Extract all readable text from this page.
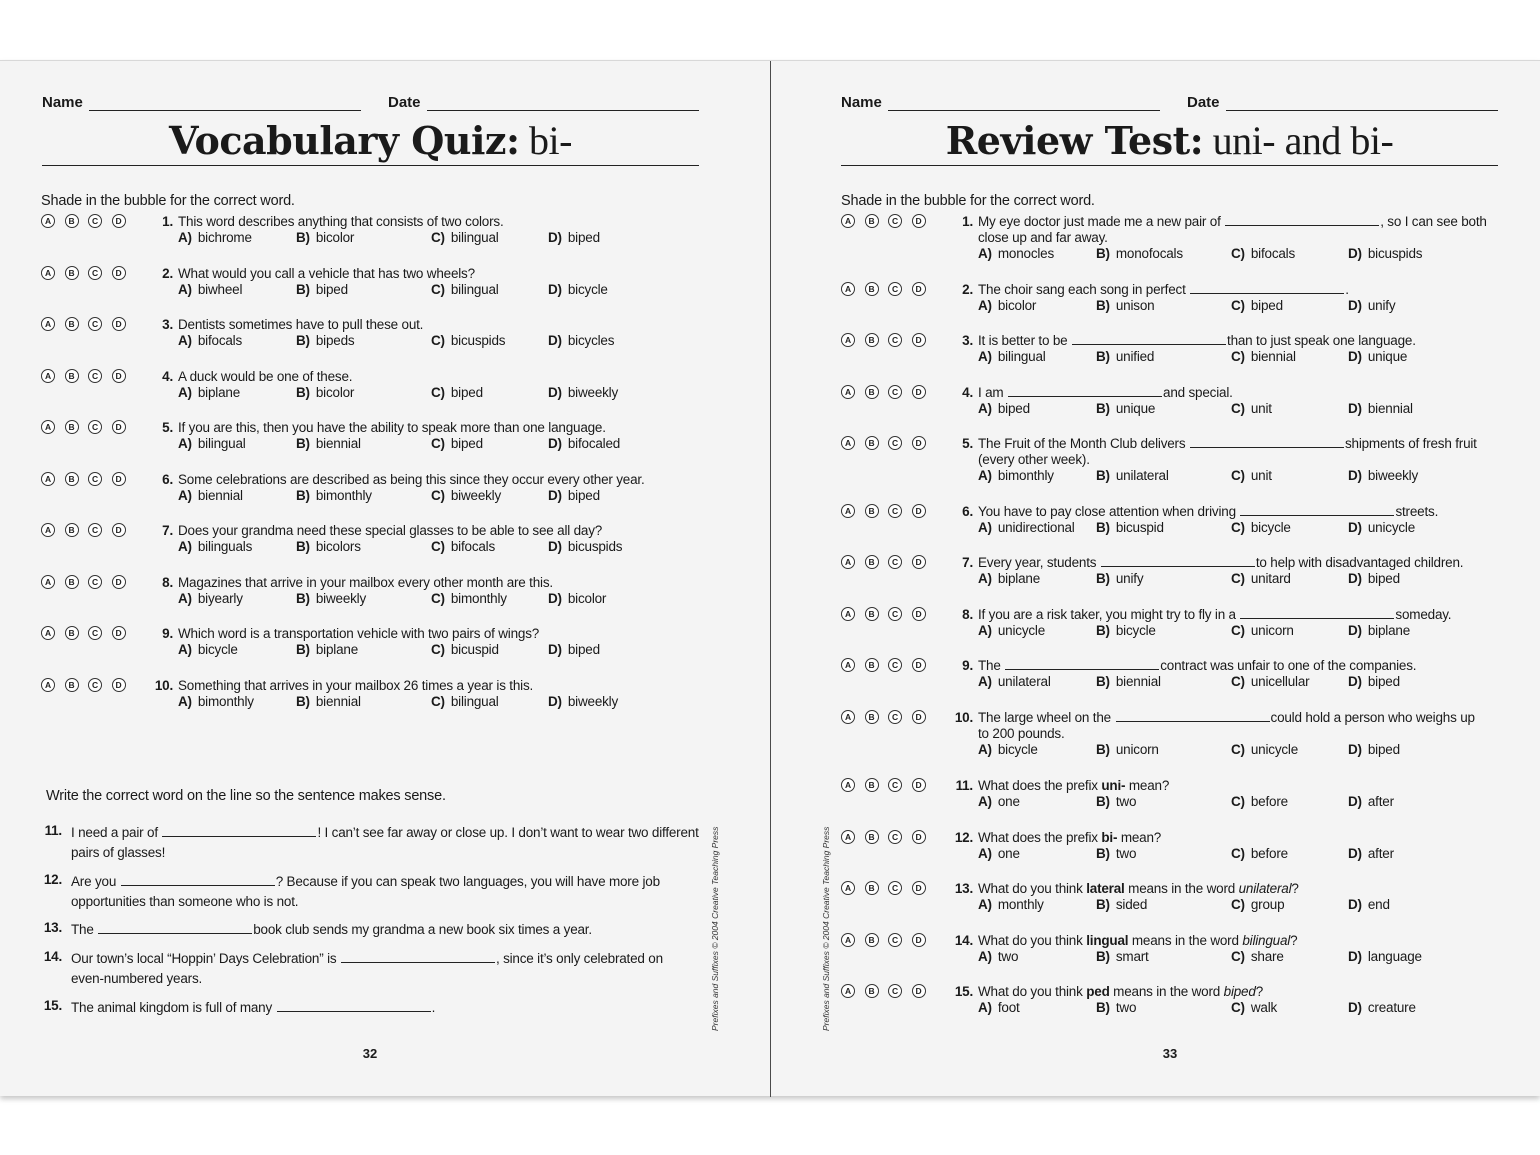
Name	Date
Vocabulary Quiz: bi-
Shade in the bubble for the correct word.
A	B	C	D	1. This word describes anything that consists of two colors.
A) bichrome	B) bicolor	C) bilingual	D) biped
A	B	C	D	2. What would you call a vehicle that has two wheels?
A) biwheel	B) biped	C) bilingual	D) bicycle
A	B	C	D	3. Dentists sometimes have to pull these out.
A) bifocals	B) bipeds	C) bicuspids	D) bicycles
A	B	C	D	4. A duck would be one of these.
A) biplane	B) bicolor	C) biped	D) biweekly
A	B	C	D	5. If you are this, then you have the ability to speak more than one language.
A) bilingual	B) biennial	C) biped	D) bifocaled
A	B	C	D	6. Some celebrations are described as being this since they occur every other year.
A) biennial	B) bimonthly	C) biweekly	D) biped
A	B	C	D	7. Does your grandma need these special glasses to be able to see all day?
A) bilinguals	B) bicolors	C) bifocals	D) bicuspids
A	B	C	D	8. Magazines that arrive in your mailbox every other month are this.
A) biyearly	B) biweekly	C) bimonthly	D) bicolor
A	B	C	D	9. Which word is a transportation vehicle with two pairs of wings?
A) bicycle	B) biplane	C) bicuspid	D) biped
A	B	C	D	10. Something that arrives in your mailbox 26 times a year is this.
A) bimonthly	B) biennial	C) bilingual	D) biweekly
Write the correct word on the line so the sentence makes sense.
11. I need a pair of	! I can’t see far away or close up. I don’t want to wear two different
pairs of glasses!
12. Are you	? Because if you can speak two languages, you will have more job
opportunities than someone who is not.
13. The	book club sends my grandma a new book six times a year.
14. Our town’s local “Hoppin’ Days Celebration” is	, since it’s only celebrated on
even-numbered years.
15. The animal kingdom is full of many	.
32
Prefixes and Suffixes © 2004 Creative Teaching Press
Name	Date
Review Test: uni- and bi-
Shade in the bubble for the correct word.
A	B	C	D	1. My eye doctor just made me a new pair of	, so I can see both
close up and far away.
A) monocles	B) monofocals	C) bifocals	D) bicuspids
A	B	C	D	2. The choir sang each song in perfect	.
A) bicolor	B) unison	C) biped	D) unify
A	B	C	D	3. It is better to be	than to just speak one language.
A) bilingual	B) unified	C) biennial	D) unique
A	B	C	D	4. I am	and special.
A) biped	B) unique	C) unit	D) biennial
A	B	C	D	5. The Fruit of the Month Club delivers	shipments of fresh fruit
(every other week).
A) bimonthly	B) unilateral	C) unit	D) biweekly
A	B	C	D	6. You have to pay close attention when driving	streets.
A) unidirectional B) bicuspid	C) bicycle	D) unicycle
A	B	C	D	7. Every year, students	to help with disadvantaged children.
A) biplane	B) unify	C) unitard	D) biped
A	B	C	D	8. If you are a risk taker, you might try to fly in a	someday.
A) unicycle	B) bicycle	C) unicorn	D) biplane
A	B	C	D	9. The	contract was unfair to one of the companies.
A) unilateral	B) biennial	C) unicellular	D) biped
A	B	C	D	10. The large wheel on the	could hold a person who weighs up
to 200 pounds.
A) bicycle	B) unicorn	C) unicycle	D) biped
A	B	C	D	11. What does the prefix uni- mean?
A) one	B) two	C) before	D) after
A	B	C	D	12. What does the prefix bi- mean?
A) one	B) two	C) before	D) after
A	B	C	D	13. What do you think lateral means in the word unilateral?
A) monthly	B) sided	C) group	D) end
A	B	C	D	14. What do you think lingual means in the word bilingual?
A) two	B) smart	C) share	D) language
A	B	C	D	15. What do you think ped means in the word biped?
A) foot	B) two	C) walk	D) creature
33
Prefixes and Suffixes © 2004 Creative Teaching Press
